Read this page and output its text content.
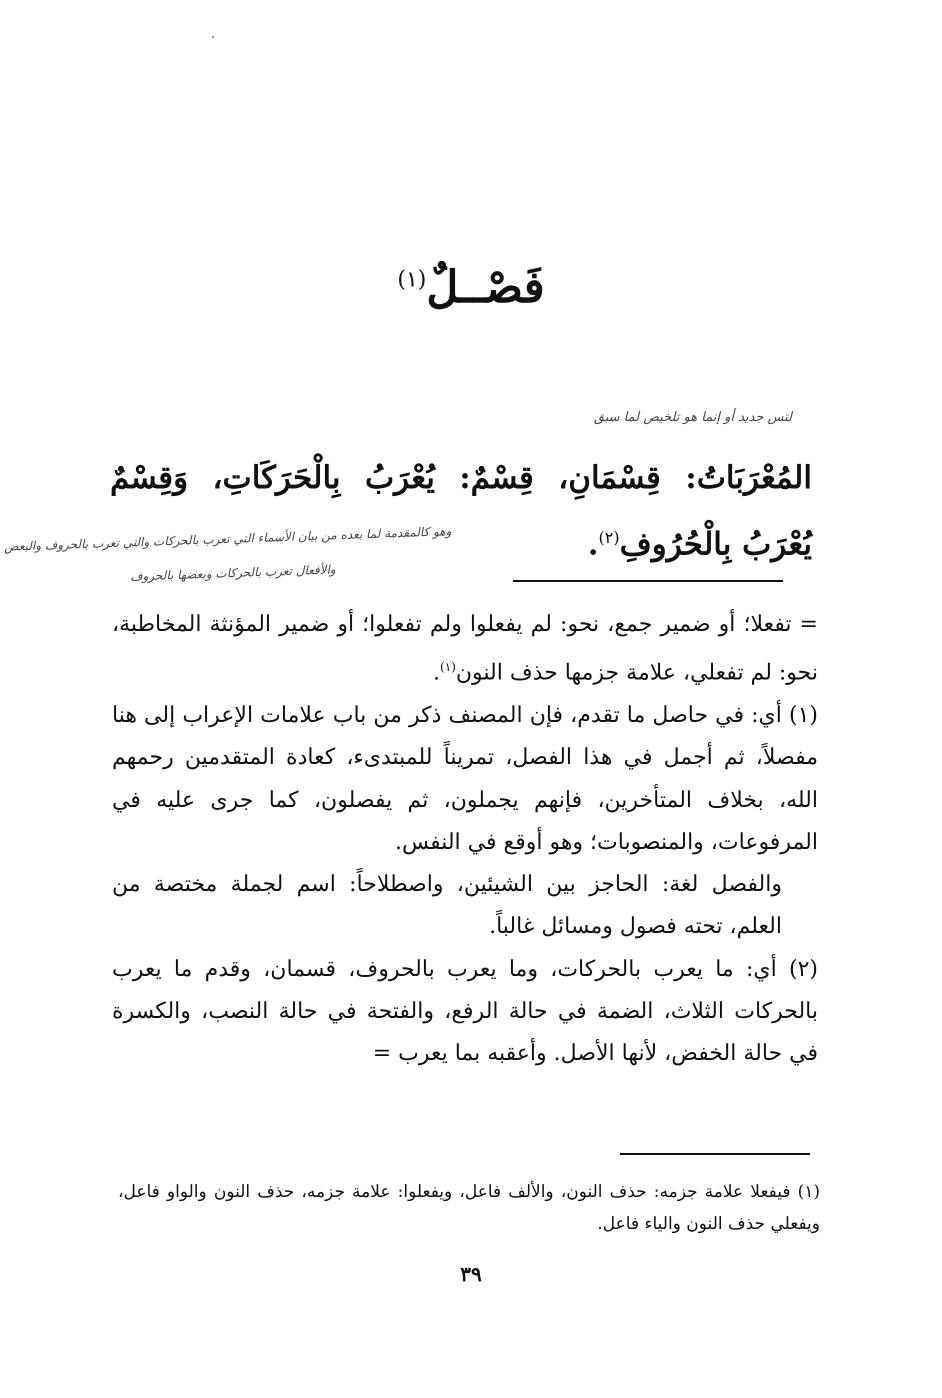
فَصْــلٌ$^{(١)}$
لتس جديد أو إنما هو تلخيص لما سبق
المُعْرَبَاتُ: قِسْمَانِ، قِسْمٌ: يُعْرَبُ بِالْحَرَكَاتِ، وَقِسْمٌ يُعْرَبُ بِالْحُرُوفِ$^{(٢)}$.
وهو كالمقدمة لما بعده من بيان الأسماء التي تعرب بالحركات والتي تعرب بالحروف والبعض
والأفعال تعرب بالحركات وبعضها بالحروف

= تفعلا؛ أو ضمير جمع، نحو: لم يفعلوا ولم تفعلوا؛ أو ضمير المؤنثة المخاطبة، نحو: لم تفعلي، علامة جزمها حذف النون$^{(١)}$.

(١) أي: في حاصل ما تقدم، فإن المصنف ذكر من باب علامات الإعراب إلى هنا مفصلاً، ثم أجمل في هذا الفصل، تمريناً للمبتدىء، كعادة المتقدمين رحمهم الله، بخلاف المتأخرين، فإنهم يجملون، ثم يفصلون، كما جرى عليه في المرفوعات، والمنصوبات؛ وهو أوقع في النفس.

والفصل لغة: الحاجز بين الشيئين، واصطلاحاً: اسم لجملة مختصة من العلم، تحته فصول ومسائل غالباً.

(٢) أي: ما يعرب بالحركات، وما يعرب بالحروف، قسمان، وقدم ما يعرب بالحركات الثلاث، الضمة في حالة الرفع، والفتحة في حالة النصب، والكسرة في حالة الخفض، لأنها الأصل. وأعقبه بما يعرب =

(١) فيفعلا علامة جزمه: حذف النون، والألف فاعل، ويفعلوا: علامة جزمه، حذف النون والواو فاعل، ويفعلي حذف النون والياء فاعل.

٣٩
